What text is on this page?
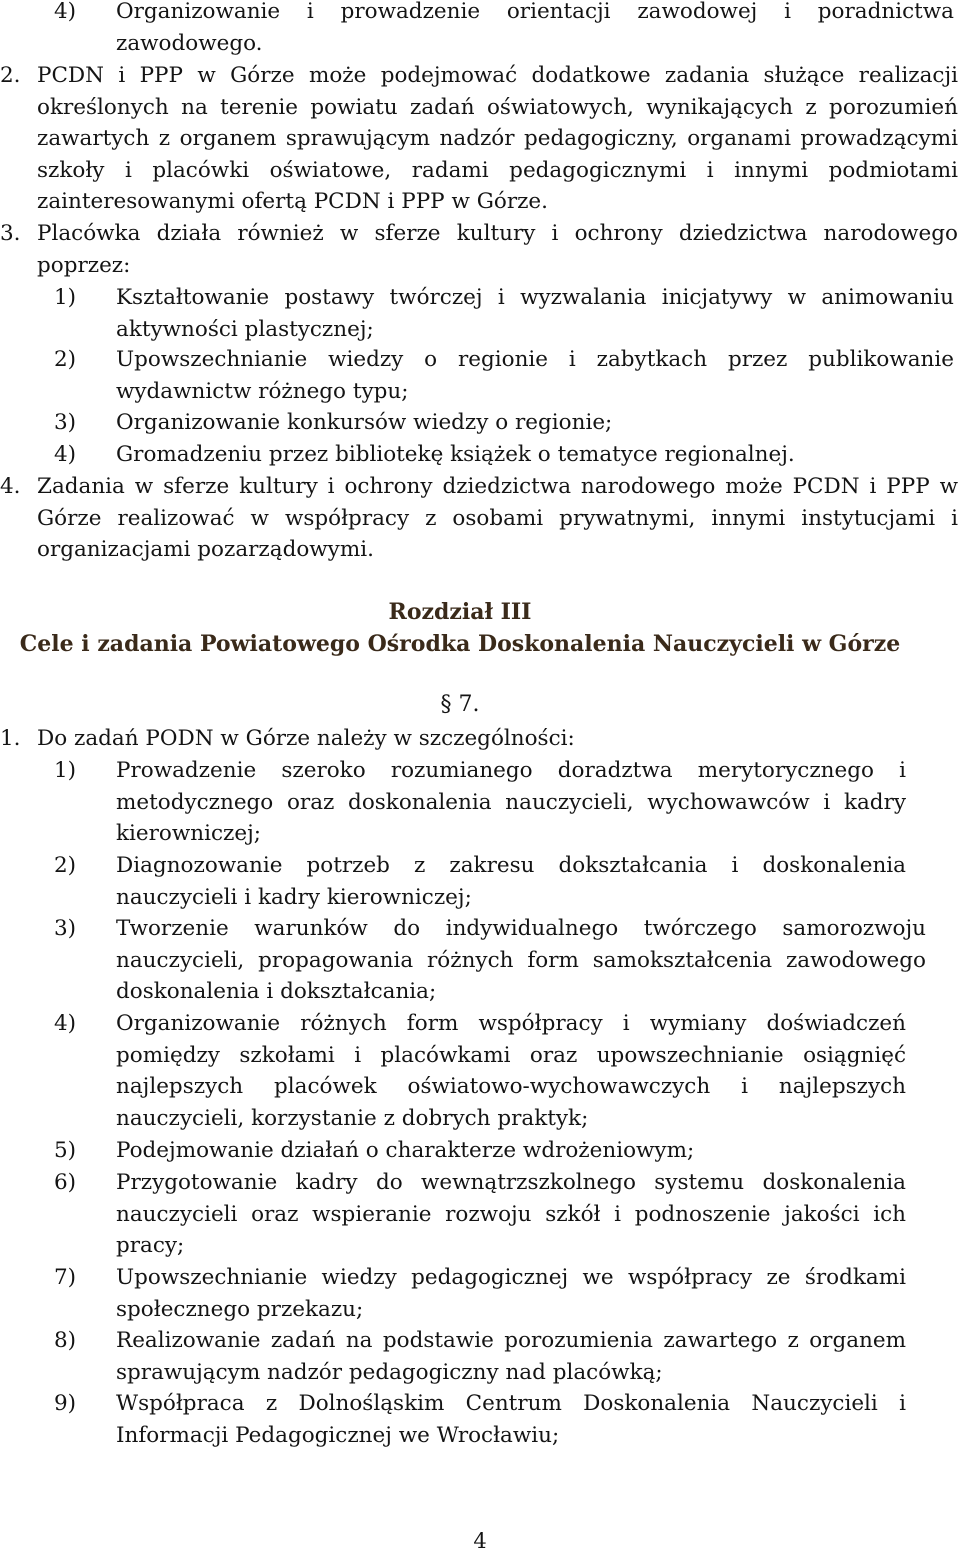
4) Organizowanie i prowadzenie orientacji zawodowej i poradnictwa zawodowego.
2. PCDN i PPP w Górze może podejmować dodatkowe zadania służące realizacji określonych na terenie powiatu zadań oświatowych, wynikających z porozumień zawartych z organem sprawującym nadzór pedagogiczny, organami prowadzącymi szkoły i placówki oświatowe, radami pedagogicznymi i innymi podmiotami zainteresowanymi ofertą PCDN i PPP w Górze.
3. Placówka działa również w sferze kultury i ochrony dziedzictwa narodowego poprzez:
1) Kształtowanie postawy twórczej i wyzwalania inicjatywy w animowaniu aktywności plastycznej;
2) Upowszechnianie wiedzy o regionie i zabytkach przez publikowanie wydawnictw różnego typu;
3) Organizowanie konkursów wiedzy o regionie;
4) Gromadzeniu przez bibliotekę książek o tematyce regionalnej.
4. Zadania w sferze kultury i ochrony dziedzictwa narodowego może PCDN i PPP w Górze realizować w współpracy z osobami prywatnymi, innymi instytucjami i organizacjami pozarządowymi.
Rozdział III
Cele i zadania Powiatowego Ośrodka Doskonalenia Nauczycieli w Górze
§ 7.
1. Do zadań PODN w Górze należy w szczególności:
1) Prowadzenie szeroko rozumianego doradztwa merytorycznego i metodycznego oraz doskonalenia nauczycieli, wychowawców i kadry kierowniczej;
2) Diagnozowanie potrzeb z zakresu dokształcania i doskonalenia nauczycieli i kadry kierowniczej;
3) Tworzenie warunków do indywidualnego twórczego samorozwoju nauczycieli, propagowania różnych form samokształcenia zawodowego doskonalenia i dokształcania;
4) Organizowanie różnych form współpracy i wymiany doświadczeń pomiędzy szkołami i placówkami oraz upowszechnianie osiągnięć najlepszych placówek oświatowo-wychowawczych i najlepszych nauczycieli, korzystanie z dobrych praktyk;
5) Podejmowanie działań o charakterze wdrożeniowym;
6) Przygotowanie kadry do wewnątrzszkolnego systemu doskonalenia nauczycieli oraz wspieranie rozwoju szkół i podnoszenie jakości ich pracy;
7) Upowszechnianie wiedzy pedagogicznej we współpracy ze środkami społecznego przekazu;
8) Realizowanie zadań na podstawie porozumienia zawartego z organem sprawującym nadzór pedagogiczny nad placówką;
9) Współpraca z Dolnośląskim Centrum Doskonalenia Nauczycieli i Informacji Pedagogicznej we Wrocławiu;
4
